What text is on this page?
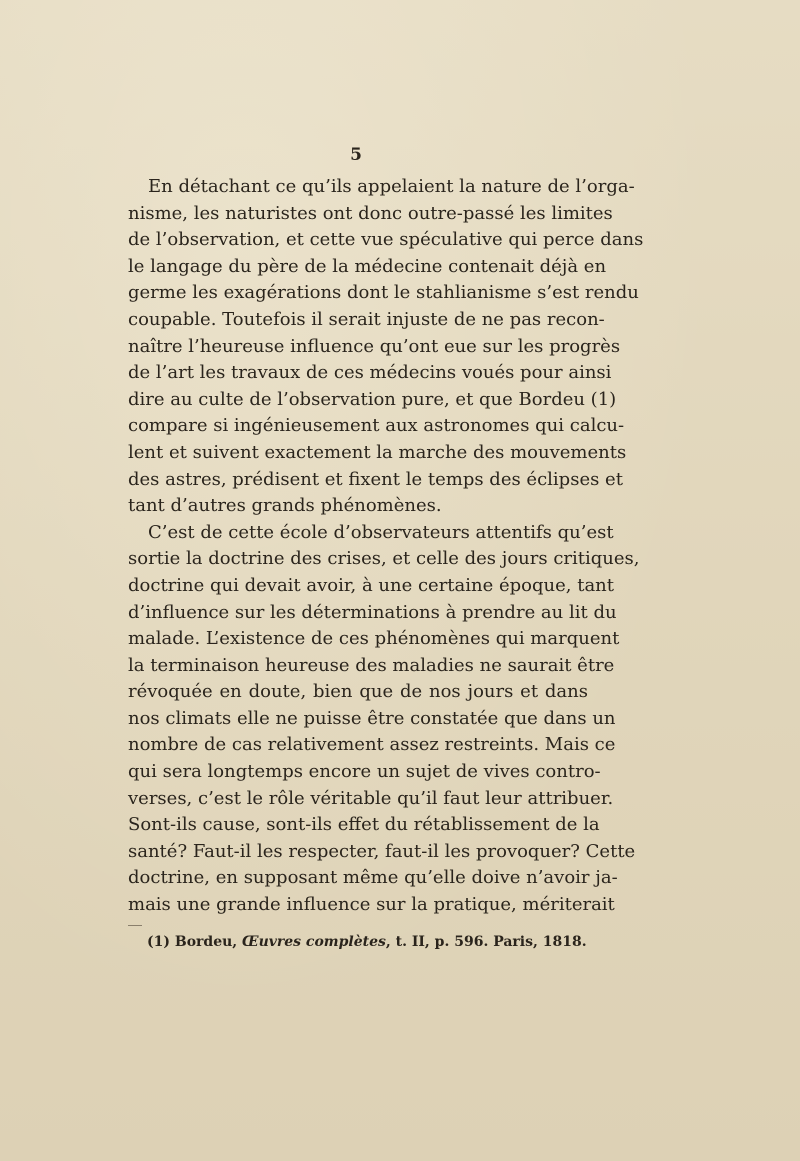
5
En détachant ce qu’ils appelaient la nature de l’orga-
nisme, les naturistes ont donc outre-passé les limites
de l’observation, et cette vue spéculative qui perce dans
le langage du père de la médecine contenait déjà en
germe les exagérations dont le stahlianisme s’est rendu
coupable. Toutefois il serait injuste de ne pas recon-
naître l’heureuse influence qu’ont eue sur les progrès
de l’art les travaux de ces médecins voués pour ainsi
dire au culte de l’observation pure, et que Bordeu (1)
compare si ingénieusement aux astronomes qui calcu-
lent et suivent exactement la marche des mouvements
des astres, prédisent et fixent le temps des éclipses et
tant d’autres grands phénomènes.
C’est de cette école d’observateurs attentifs qu’est
sortie la doctrine des crises, et celle des jours critiques,
doctrine qui devait avoir, à une certaine époque, tant
d’influence sur les déterminations à prendre au lit du
malade. L’existence de ces phénomènes qui marquent
la terminaison heureuse des maladies ne saurait être
révoquée en doute, bien que de nos jours et dans
nos climats elle ne puisse être constatée que dans un
nombre de cas relativement assez restreints. Mais ce
qui sera longtemps encore un sujet de vives contro-
verses, c’est le rôle véritable qu’il faut leur attribuer.
Sont-ils cause, sont-ils effet du rétablissement de la
santé? Faut-il les respecter, faut-il les provoquer? Cette
doctrine, en supposant même qu’elle doive n’avoir ja-
mais une grande influence sur la pratique, mériterait
(1) Bordeu, Œuvres complètes, t. II, p. 596. Paris, 1818.
